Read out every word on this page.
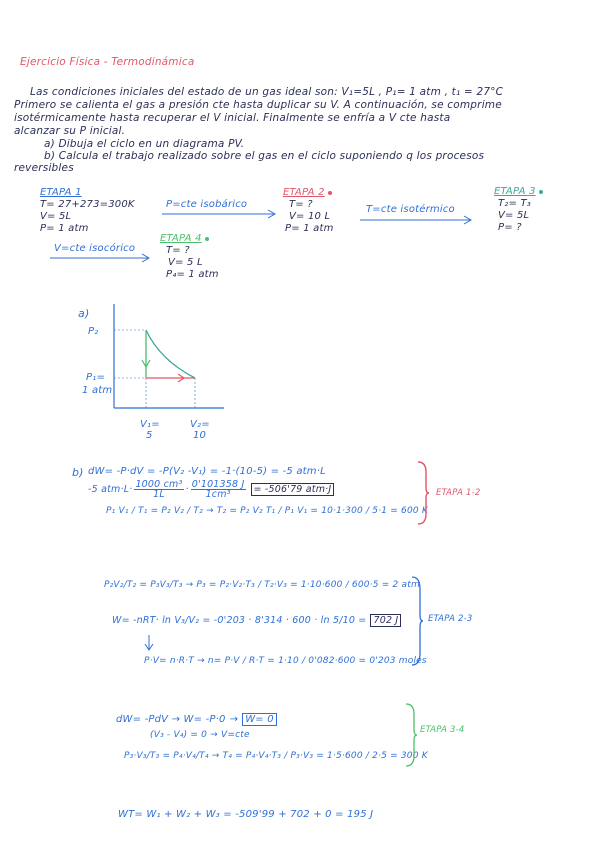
Ejercicio Física - Termodinámica
Las condiciones iniciales del estado de un gas ideal son: V₁=5L , P₁= 1 atm , t₁ = 27°C
Primero se calienta el gas a presión cte hasta duplicar su V. A continuación, se comprime
isotérmicamente hasta recuperar el V inicial. Finalmente se enfría a V cte hasta
alcanzar su P inicial.
a) Dibuja el ciclo en un diagrama PV.
b) Calcula el trabajo realizado sobre el gas en el ciclo suponiendo q los procesos
reversibles
ETAPA 1
T= 27+273=300K
V= 5L
P= 1 atm
P=cte isobárico
ETAPA 2
T= ?
V= 10 L
P= 1 atm
T=cte isotérmico
ETAPA 3
T₂= T₃
V= 5L
P= ?
V=cte isocórico
ETAPA 4
T= ?
V= 5 L
P₄= 1 atm
a)
P₂
P₁=
1 atm
V₁=
5
V₂=
10
b) dW= -P·dV = -P(V₂ -V₁) = -1·(10-5) = -5 atm·L
-5 $atm\cdot L\cdot \frac{\text{1000 cm³}}{1L} \cdot \frac{0'101358 J}{\text{1cm³}} = -506'79$ atm·J
P₁ V₁ / T₁ = P₂ V₂ / T₂ → T₂ = P₂ V₂ T₁ / P₁ V₁ = 10·1·300 / 5·1 = 600 K
ETAPA 1-2
P₂V₂/T₂ = P₃V₃/T₃ → P₃ = P₂·V₂·T₃ / T₂·V₃ = 1·10·600 / 600·5 = 2 atm
W= -nRT· ln V₃/V₂ = -0'203 · 8'314 · 600 · ln 5/10 = 702 J
P·V= n·R·T → n= P·V / R·T = 1·10 / 0'082·600 = 0'203 moles
ETAPA 2-3
dW= -PdV → W= -P·0 → W= 0
(V₃ - V₄) = 0 → V=cte
P₃·V₃/T₃ = P₄·V₄/T₄ → T₄ = P₄·V₄·T₃ / P₃·V₃ = 1·5·600 / 2·5 = 300 K
ETAPA 3-4
WT= W₁ + W₂ + W₃ = -509'99 + 702 + 0 = 195 J
